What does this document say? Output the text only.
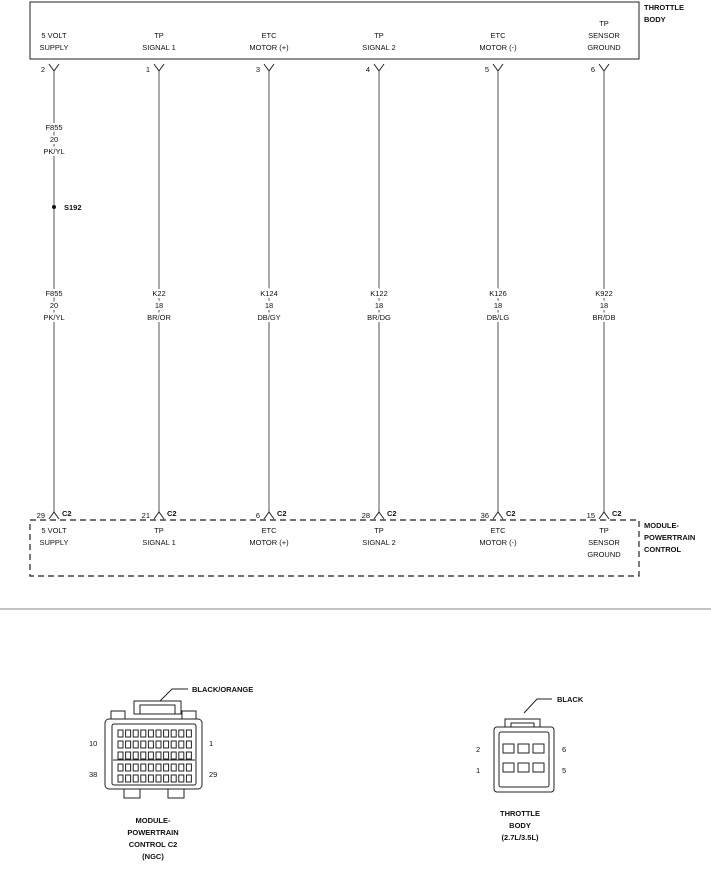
THROTTLE
BODY
MODULE-
POWERTRAIN
CONTROL
5 VOLT
SUPPLY
2
F855
20
PK/YL
S192
F855
20
PK/YL
29 C2
5 VOLT
SUPPLY
TP
SIGNAL 1
1
K22
18
BR/OR
21 C2
TP
SIGNAL 1
ETC
MOTOR (+)
3
K124
18
DB/GY
6 C2
ETC
MOTOR (+)
TP
SIGNAL 2
4
K122
18
BR/DG
28 C2
TP
SIGNAL 2
ETC
MOTOR (-)
5
K126
18
DB/LG
36 C2
ETC
MOTOR (-)
TP
SENSOR
GROUND
6
K922
18
BR/DB
15 C2
TP
SENSOR
GROUND
BLACK/ORANGE
10	1
38	29
MODULE-
POWERTRAIN
CONTROL C2
(NGC)
BLACK
2	6
1	5
THROTTLE
BODY
(2.7L/3.5L)
